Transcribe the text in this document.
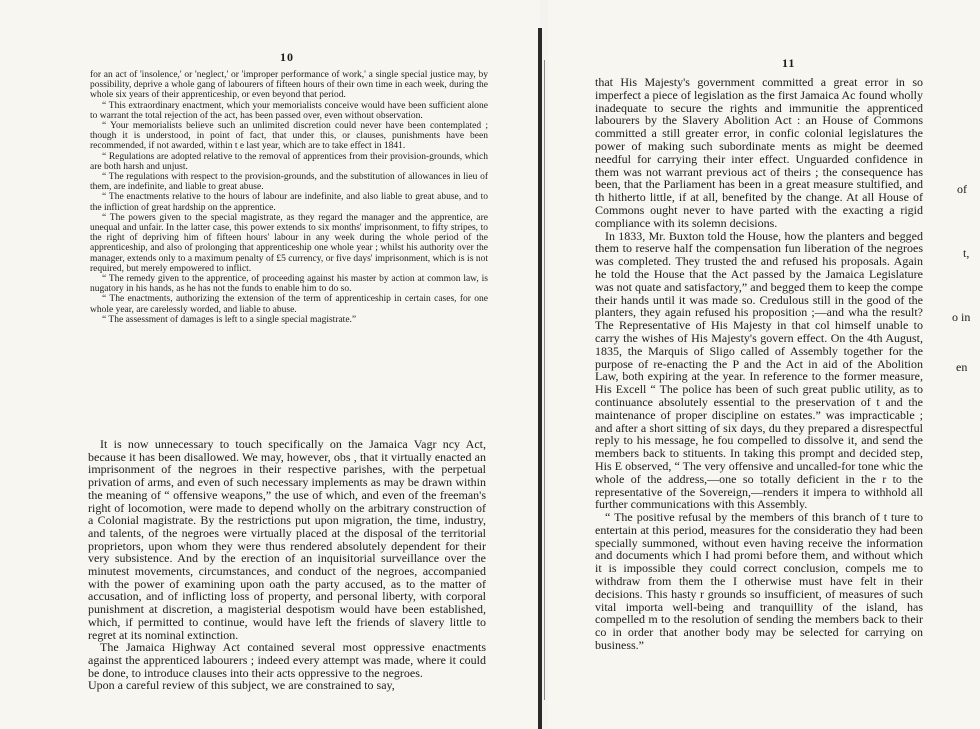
10

for an act of 'insolence,' or 'neglect,' or 'improper performance of work,' a single special justice may, by possibility, deprive a whole gang of labourers of fifteen hours of their own time in each week, during the whole six years of their apprenticeship, or even beyond that period.

“ This extraordinary enactment, which your memorialists conceive would have been sufficient alone to warrant the total rejection of the act, has been passed over, even without observation.

“ Your memorialists believe such an unlimited discretion could never have been contemplated ; though it is understood, in point of fact, that under this, or clauses, punishments have been recommended, if not awarded, within t e last year, which are to take effect in 1841.

“ Regulations are adopted relative to the removal of apprentices from their provision-grounds, which are both harsh and unjust.

“ The regulations with respect to the provision-grounds, and the substitution of allowances in lieu of them, are indefinite, and liable to great abuse.

“ The enactments relative to the hours of labour are indefinite, and also liable to great abuse, and to the infliction of great hardship on the apprentice.

“ The powers given to the special magistrate, as they regard the manager and the apprentice, are unequal and unfair. In the latter case, this power extends to six months' imprisonment, to fifty stripes, to the right of depriving him of fifteen hours' labour in any week during the whole period of the apprenticeship, and also of prolonging that apprenticeship one whole year ; whilst his authority over the manager, extends only to a maximum penalty of £5 currency, or five days' imprisonment, which is is not required, but merely empowered to inflict.

“ The remedy given to the apprentice, of proceeding against his master by action at common law, is nugatory in his hands, as he has not the funds to enable him to do so.

“ The enactments, authorizing the extension of the term of apprenticeship in certain cases, for one whole year, are carelessly worded, and liable to abuse.

“ The assessment of damages is left to a single special magistrate.”

It is now unnecessary to touch specifically on the Jamaica Vagr ncy Act, because it has been disallowed. We may, however, obs , that it virtually enacted an imprisonment of the negroes in their respective parishes, with the perpetual privation of arms, and even of such necessary implements as may be drawn within the meaning of “ offensive weapons,” the use of which, and even of the freeman's right of locomotion, were made to depend wholly on the arbitrary construction of a Colonial magistrate. By the restrictions put upon migration, the time, industry, and talents, of the negroes were virtually placed at the disposal of the territorial proprietors, upon whom they were thus rendered absolutely dependent for their very subsistence. And by the erection of an inquisitorial surveillance over the minutest movements, circumstances, and conduct of the negroes, accompanied with the power of examining upon oath the party accused, as to the matter of accusation, and of inflicting loss of property, and personal liberty, with corporal punishment at discretion, a magisterial despotism would have been established, which, if permitted to continue, would have left the friends of slavery little to regret at its nominal extinction.

The Jamaica Highway Act contained several most oppressive enactments against the apprenticed labourers ; indeed every attempt was made, where it could be done, to introduce clauses into their acts oppressive to the negroes.

Upon a careful review of this subject, we are constrained to say,

11

that His Majesty's government committed a great error in so imperfect a piece of legislation as the first Jamaica Ac found wholly inadequate to secure the rights and immunitie the apprenticed labourers by the Slavery Abolition Act : an House of Commons committed a still greater error, in confic colonial legislatures the power of making such subordinate ments as might be deemed needful for carrying their inter effect. Unguarded confidence in them was not warrant previous act of theirs ; the consequence has been, that the Parliament has been in a great measure stultified, and th hitherto little, if at all, benefited by the change. At all House of Commons ought never to have parted with the exacting a rigid compliance with its solemn decisions.

In 1833, Mr. Buxton told the House, how the planters and begged them to reserve half the compensation fun liberation of the negroes was completed. They trusted the and refused his proposals. Again he told the House that the Act passed by the Jamaica Legislature was not quate and satisfactory,” and begged them to keep the compe their hands until it was made so. Credulous still in the good of the planters, they again refused his proposition ;—and wha the result? The Representative of His Majesty in that col himself unable to carry the wishes of His Majesty's govern effect. On the 4th August, 1835, the Marquis of Sligo called of Assembly together for the purpose of re-enacting the P and the Act in aid of the Abolition Law, both expiring at the year. In reference to the former measure, His Excell “ The police has been of such great public utility, as to continuance absolutely essential to the preservation of t and the maintenance of proper discipline on estates.” was impracticable ; and after a short sitting of six days, du they prepared a disrespectful reply to his message, he fou compelled to dissolve it, and send the members back to stituents. In taking this prompt and decided step, His E observed, “ The very offensive and uncalled-for tone whic the whole of the address,—one so totally deficient in the r to the representative of the Sovereign,—renders it impera to withhold all further communications with this Assembly.

“ The positive refusal by the members of this branch of t ture to entertain at this period, measures for the consideratio they had been specially summoned, without even having receive the information and documents which I had promi before them, and without which it is impossible they could correct conclusion, compels me to withdraw from them the I otherwise must have felt in their decisions. This hasty r grounds so insufficient, of measures of such vital importa well-being and tranquillity of the island, has compelled m to the resolution of sending the members back to their co in order that another body may be selected for carrying on business.”

of
t,
o in
en
